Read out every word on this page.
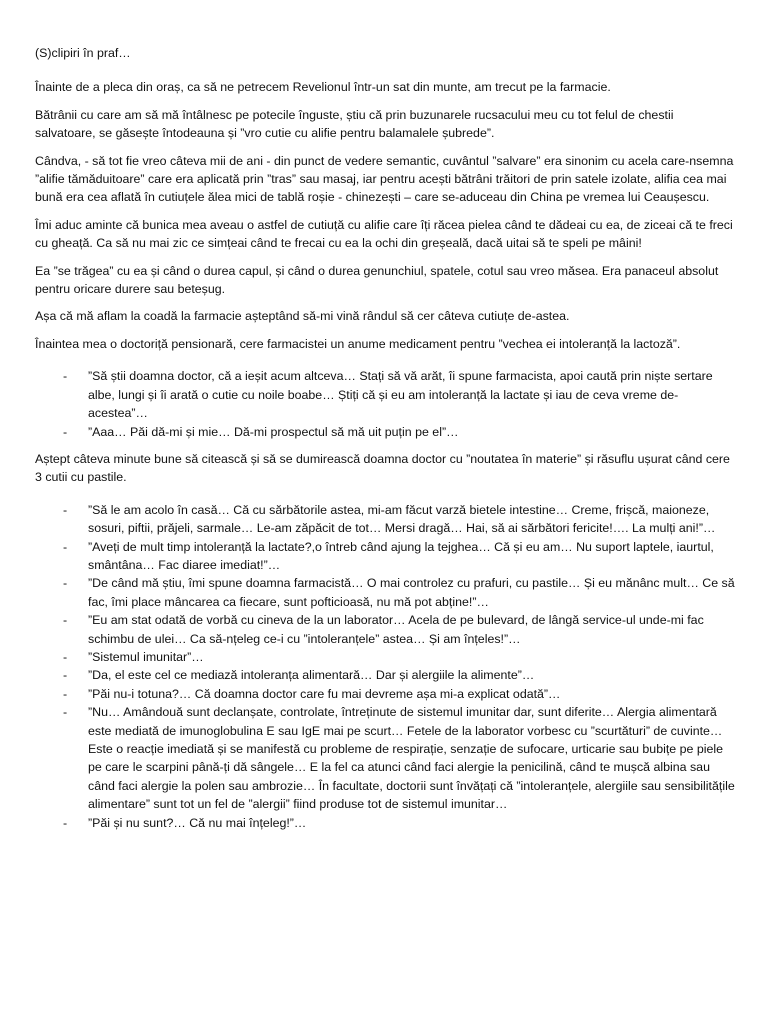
(S)clipiri în praf…

Înainte de a pleca din oraș, ca să ne petrecem Revelionul într-un sat din munte, am trecut pe la farmacie.

Bătrânii cu care am să mă întâlnesc pe potecile înguste, știu că prin buzunarele rucsacului meu cu tot felul de chestii salvatoare, se găsește întodeauna și ”vro cutie cu alifie pentru balamalele șubrede”.

Cândva, - să tot fie vreo câteva mii de ani - din punct de vedere semantic, cuvântul ”salvare” era sinonim cu acela care-nsemna ”alifie tămăduitoare” care era aplicată prin ”tras” sau masaj, iar pentru acești bătrâni trăitori de prin satele izolate, alifia cea mai bună era cea aflată în cutiuțele ălea mici de tablă roșie - chinezești – care se-aduceau din China pe vremea lui Ceaușescu.

Îmi aduc aminte că bunica mea aveau o astfel de cutiuță cu alifie care îți răcea pielea când te dădeai cu ea, de ziceai că te freci cu gheață. Ca să nu mai zic ce simțeai când te frecai cu ea la ochi din greșeală, dacă uitai să te speli pe mâini!

Ea ”se trăgea” cu ea și când o durea capul, și când o durea genunchiul, spatele, cotul sau vreo măsea. Era panaceul absolut pentru oricare durere sau beteșug.

Așa că mă aflam la coadă la farmacie așteptând să-mi vină rândul să cer câteva cutiuțe de-astea.

Înaintea mea o doctoriță pensionară, cere farmacistei un anume medicament pentru ”vechea ei intoleranță la lactoză”.

- ”Să știi doamna doctor, că a ieșit acum altceva… Stați să vă arăt, îi spune farmacista, apoi caută prin niște sertare albe, lungi și îi arată o cutie cu noile boabe… Știți că și eu am intoleranță la lactate și iau de ceva vreme de-acestea”…
- ”Aaa… Păi dă-mi și mie… Dă-mi prospectul să mă uit puțin pe el”…

Aștept câteva minute bune să citească și să se dumirească doamna doctor cu ”noutatea în materie” și răsuflu ușurat când cere 3 cutii cu pastile.

- ”Să le am acolo în casă… Că cu sărbătorile astea, mi-am făcut varză bietele intestine… Creme, frișcă, maioneze, sosuri, piftii, prăjeli, sarmale… Le-am zăpăcit de tot… Mersi dragă… Hai, să ai sărbători fericite!…. La mulți ani!”…
- ”Aveți de mult timp intoleranță la lactate?,o întreb când ajung la tejghea… Că și eu am… Nu suport laptele, iaurtul, smântâna… Fac diaree imediat!”…
- ”De când mă știu, îmi spune doamna farmacistă… O mai controlez cu prafuri, cu pastile… Și eu mănânc mult… Ce să fac, îmi place mâncarea ca fiecare, sunt pofticioasă, nu mă pot abține!”…
- ”Eu am stat odată de vorbă cu cineva de la un laborator… Acela de pe bulevard, de lângă service-ul unde-mi fac schimbu de ulei… Ca să-nțeleg ce-i cu ”intoleranțele” astea… Și am înțeles!”…
- ”Sistemul imunitar”…
- ”Da, el este cel ce mediază intoleranța alimentară… Dar și alergiile la alimente”…
- ”Păi nu-i totuna?… Că doamna doctor care fu mai devreme așa mi-a explicat odată”…
- ”Nu… Amândouă sunt declanșate, controlate, întreținute de sistemul imunitar dar, sunt diferite… Alergia alimentară este mediată de imunoglobulina E sau IgE mai pe scurt… Fetele de la laborator vorbesc cu ”scurtături” de cuvinte… Este o reacție imediată și se manifestă cu probleme de respirație, senzație de sufocare, urticarie sau bubițe pe piele pe care le scarpini până-ți dă sângele… E la fel ca atunci când faci alergie la penicilină, când te mușcă albina sau când faci alergie la polen sau ambrozie… În facultate, doctorii sunt învățați că ”intoleranțele, alergiile sau sensibilitățile alimentare” sunt tot un fel de ”alergii” fiind produse tot de sistemul imunitar…
- ”Păi și nu sunt?… Că nu mai înțeleg!”…
